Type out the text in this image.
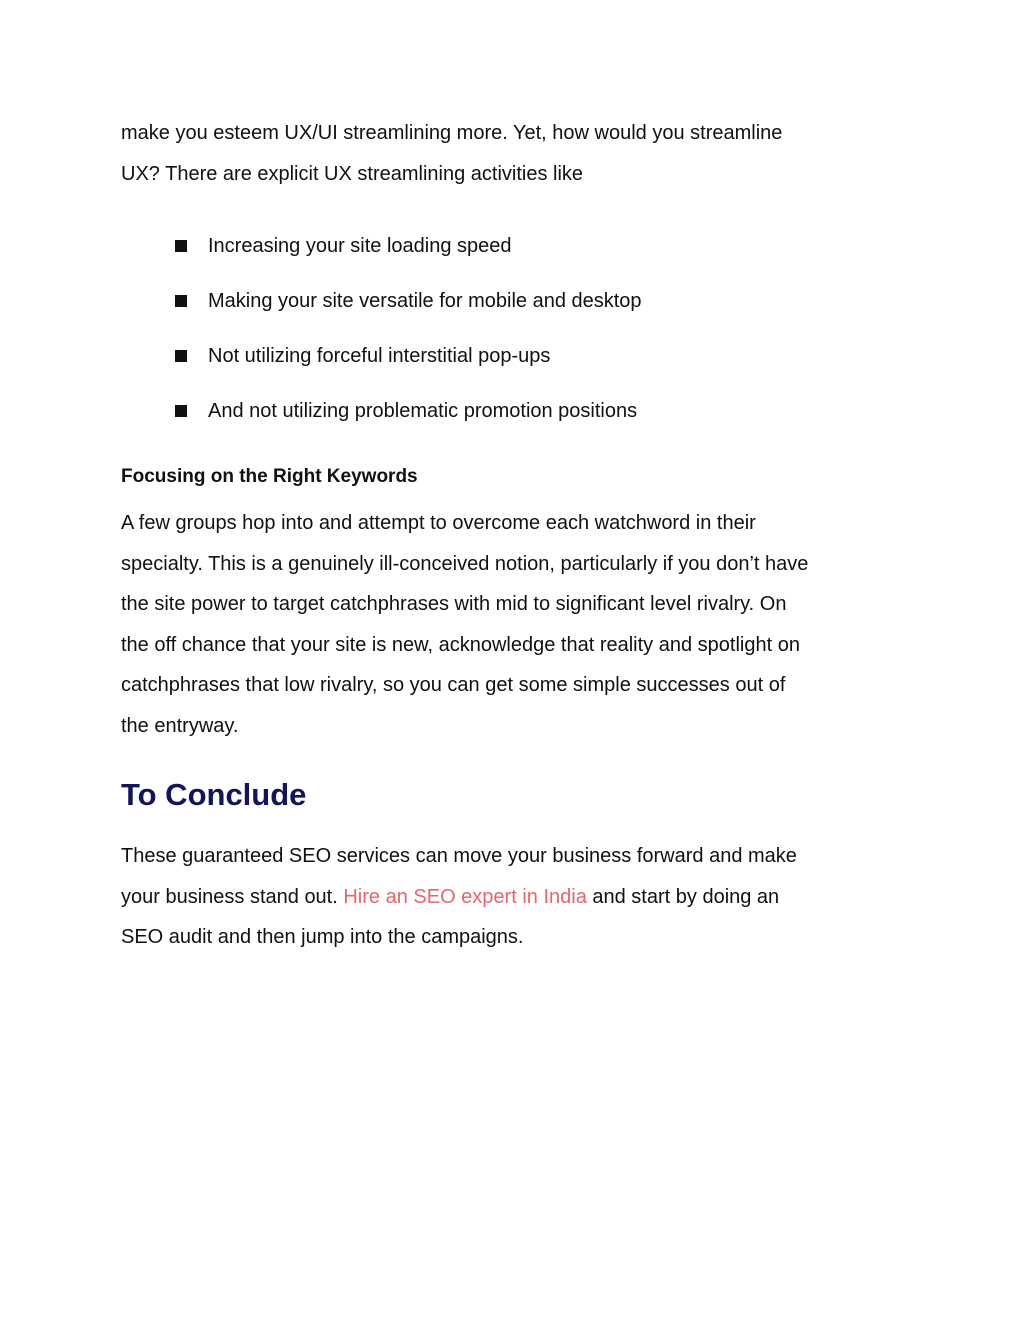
make you esteem UX/UI streamlining more. Yet, how would you streamline
UX? There are explicit UX streamlining activities like

Increasing your site loading speed
Making your site versatile for mobile and desktop
Not utilizing forceful interstitial pop-ups
And not utilizing problematic promotion positions
Focusing on the Right Keywords

A few groups hop into and attempt to overcome each watchword in their
specialty. This is a genuinely ill-conceived notion, particularly if you don’t have
the site power to target catchphrases with mid to significant level rivalry. On
the off chance that your site is new, acknowledge that reality and spotlight on
catchphrases that low rivalry, so you can get some simple successes out of
the entryway.

To Conclude

These guaranteed SEO services can move your business forward and make
your business stand out. Hire an SEO expert in India and start by doing an
SEO audit and then jump into the campaigns.
